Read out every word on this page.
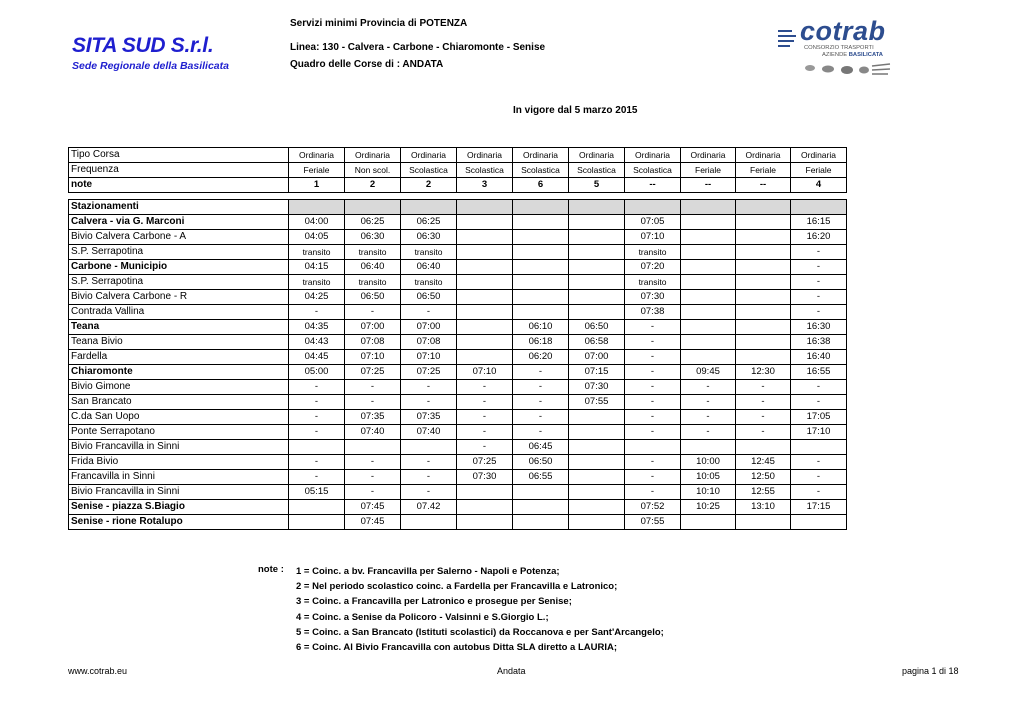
SITA SUD S.r.l.
Sede Regionale della Basilicata
Servizi minimi Provincia di POTENZA
Linea: 130 - Calvera - Carbone - Chiaromonte - Senise
Quadro delle Corse di : ANDATA
cotrab
CONSORZIO TRASPORTI
AZIENDE BASILICATA
In vigore dal 5 marzo 2015
Tipo Corsa	Ordinaria	Ordinaria	Ordinaria	Ordinaria	Ordinaria	Ordinaria	Ordinaria	Ordinaria	Ordinaria	Ordinaria
Frequenza	Feriale	Non scol.	Scolastica	Scolastica	Scolastica	Scolastica	Scolastica	Feriale	Feriale	Feriale
note	1	2	2	3	6	5	--	--	--	4

Stazionamenti										
Calvera - via G. Marconi	04:00	06:25	06:25				07:05			16:15
Bivio Calvera Carbone - A	04:05	06:30	06:30				07:10			16:20
S.P. Serrapotina	transito	transito	transito				transito			-
Carbone - Municipio	04:15	06:40	06:40				07:20			-
S.P. Serrapotina	transito	transito	transito				transito			-
Bivio Calvera Carbone - R	04:25	06:50	06:50				07:30			-
Contrada Vallina	-	-	-				07:38			-
Teana	04:35	07:00	07:00		06:10	06:50	-			16:30
Teana Bivio	04:43	07:08	07:08		06:18	06:58	-			16:38
Fardella	04:45	07:10	07:10		06:20	07:00	-			16:40
Chiaromonte	05:00	07:25	07:25	07:10	-	07:15	-	09:45	12:30	16:55
Bivio Gimone	-	-	-	-	-	07:30	-	-	-	-
San Brancato	-	-	-	-	-	07:55	-	-	-	-
C.da San Uopo	-	07:35	07:35	-	-		-	-	-	17:05
Ponte Serrapotano	-	07:40	07:40	-	-		-	-	-	17:10
Bivio Francavilla in Sinni				-	06:45					
Frida Bivio	-	-	-	07:25	06:50		-	10:00	12:45	-
Francavilla in Sinni	-	-	-	07:30	06:55		-	10:05	12:50	-
Bivio Francavilla in Sinni	05:15	-	-				-	10:10	12:55	-
Senise - piazza S.Biagio		07:45	07.42				07:52	10:25	13:10	17:15
Senise - rione Rotalupo		07:45					07:55			
note : 1 = Coinc. a bv. Francavilla per Salerno - Napoli e Potenza;
2 = Nel periodo scolastico coinc. a Fardella per Francavilla e Latronico;
3 = Coinc. a Francavilla per Latronico e prosegue per Senise;
4 = Coinc. a Senise da Policoro - Valsinni e S.Giorgio L.;
5 = Coinc. a San Brancato (Istituti scolastici) da Roccanova e per Sant'Arcangelo;
6 = Coinc. Al Bivio Francavilla con autobus Ditta SLA diretto a LAURIA;
www.cotrab.eu	Andata	pagina 1 di 18
